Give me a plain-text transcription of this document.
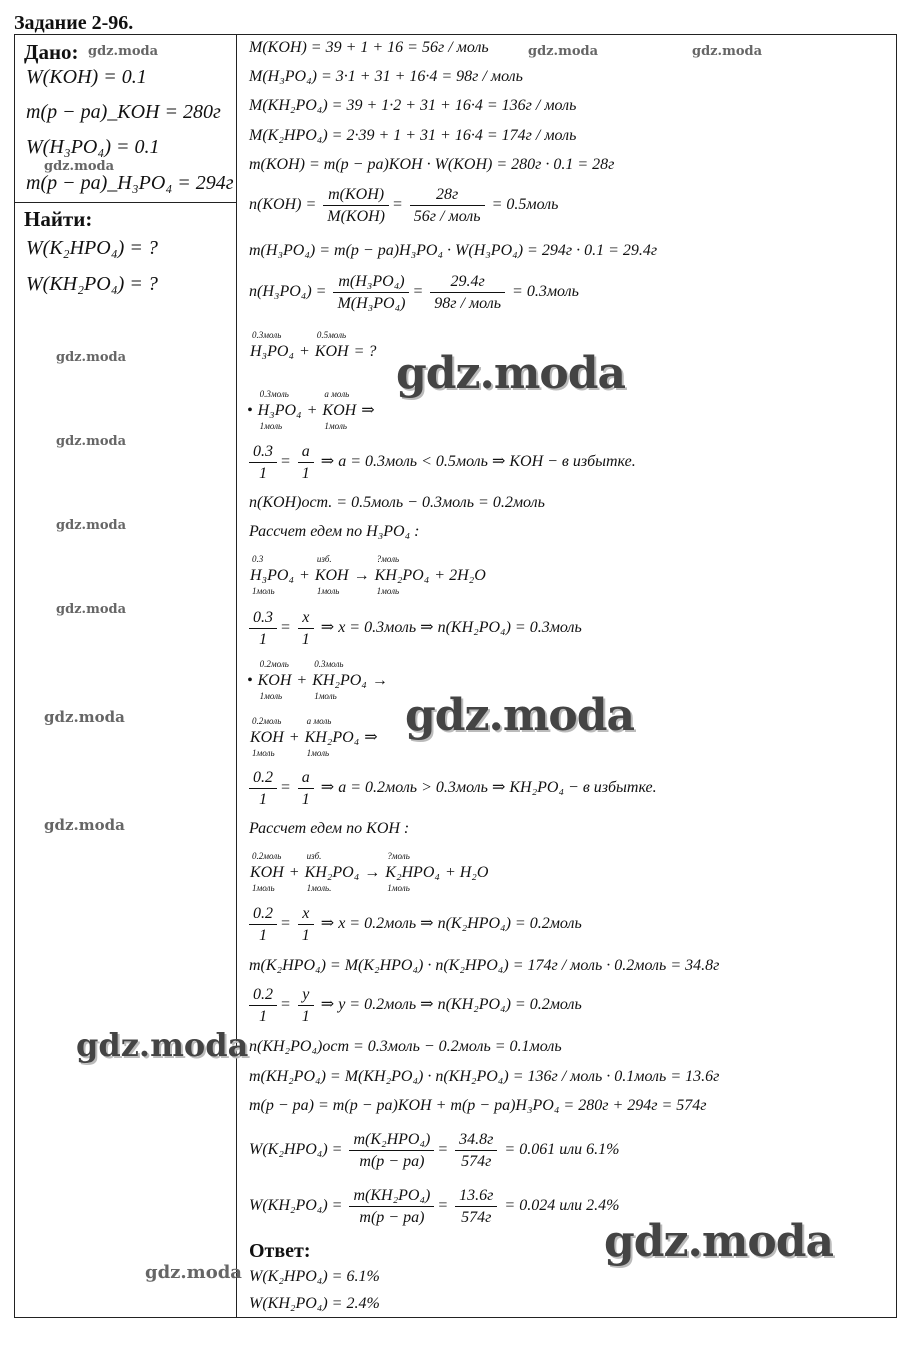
Задание 2-96.
Дано:
W(KOH) = 0.1
m(p − pa)_KOH = 280г
W(H₃PO₄) = 0.1
m(p − pa)_H₃PO₄ = 294г
Найти:
W(K₂HPO₄) = ?
W(KH₂PO₄) = ?
M(KOH) = 39 + 1 + 16 = 56г / моль
M(H₃PO₄) = 3·1 + 31 + 16·4 = 98г / моль
M(KH₂PO₄) = 39 + 1·2 + 31 + 16·4 = 136г / моль
M(K₂HPO₄) = 2·39 + 1 + 31 + 16·4 = 174г / моль
m(KOH) = m(p − pa)KOH · W(KOH) = 280г · 0.1 = 28г
$n(KOH) = \frac{\text{m(KOH)}}{\text{M(KOH)}} = \frac{28г}{\text{56г / моль}}$ = 0.5моль
m(H₃PO₄) = m(p − pa)H₃PO₄ · W(H₃PO₄) = 294г · 0.1 = 29.4г
$n(H_3PO_4) = \frac{\text{m(H₃PO₄)}}{\text{M(H₃PO₄)}} = \frac{29.4г}{\text{98г / моль}}$ = 0.3моль
0.3моль
H₃PO₄ +
0.5моль
KOH = ?
•
0.3моль
H₃PO₄
1моль
+
a моль
KOH
1моль
⇒
$\frac{0.3}{1} = \frac{a}{1}$ ⇒ a = 0.3моль < 0.5моль ⇒ KOH − в избытке.
n(KOH)ост. = 0.5моль − 0.3моль = 0.2моль
Рассчет едем по H₃PO₄ :
0.3
H₃PO₄
1моль
+
изб.
KOH
1моль
→
?моль
KH₂PO₄
1моль
+ 2H₂O
$\frac{0.3}{1} = \frac{x}{1}$ ⇒ x = 0.3моль ⇒ n(KH₂PO₄) = 0.3моль
•
0.2моль
KOH
1моль
+
0.3моль
KH₂PO₄
1моль
→
0.2моль
KOH
1моль
+
a моль
KH₂PO₄
1моль
⇒
$\frac{0.2}{1} = \frac{a}{1}$ ⇒ a = 0.2моль > 0.3моль ⇒ KH₂PO₄ − в избытке.
Рассчет едем по KOH :
0.2моль
KOH
1моль
+
изб.
KH₂PO₄
1моль.
→
?моль
K₂HPO₄
1моль
+ H₂O
$\frac{0.2}{1} = \frac{x}{1}$ ⇒ x = 0.2моль ⇒ n(K₂HPO₄) = 0.2моль
m(K₂HPO₄) = M(K₂HPO₄) · n(K₂HPO₄) = 174г / моль · 0.2моль = 34.8г
$\frac{0.2}{1} = \frac{y}{1}$ ⇒ y = 0.2моль ⇒ n(KH₂PO₄) = 0.2моль
n(KH₂PO₄)ост = 0.3моль − 0.2моль = 0.1моль
m(KH₂PO₄) = M(KH₂PO₄) · n(KH₂PO₄) = 136г / моль · 0.1моль = 13.6г
m(p − pa) = m(p − pa)KOH + m(p − pa)H₃PO₄ = 280г + 294г = 574г
$W(K_2HPO_4) = \frac{\text{m(K₂HPO₄)}}{m(p - pa)} = \frac{34.8г}{574г} = 0.061$ или 6.1%
$W(KH_2PO_4) = \frac{\text{m(KH₂PO₄)}}{m(p - pa)} = \frac{13.6г}{574г} = 0.024$ или 2.4%
Ответ:
W(K₂HPO₄) = 6.1%
W(KH₂PO₄) = 2.4%
gdz.moda
gdz.moda
gdz.moda	gdz.moda
gdz.moda
gdz.moda
gdz.moda
gdz.moda
gdz.moda
gdz.moda
gdz.moda
gdz.moda
gdz.moda
gdz.moda
gdz.moda
